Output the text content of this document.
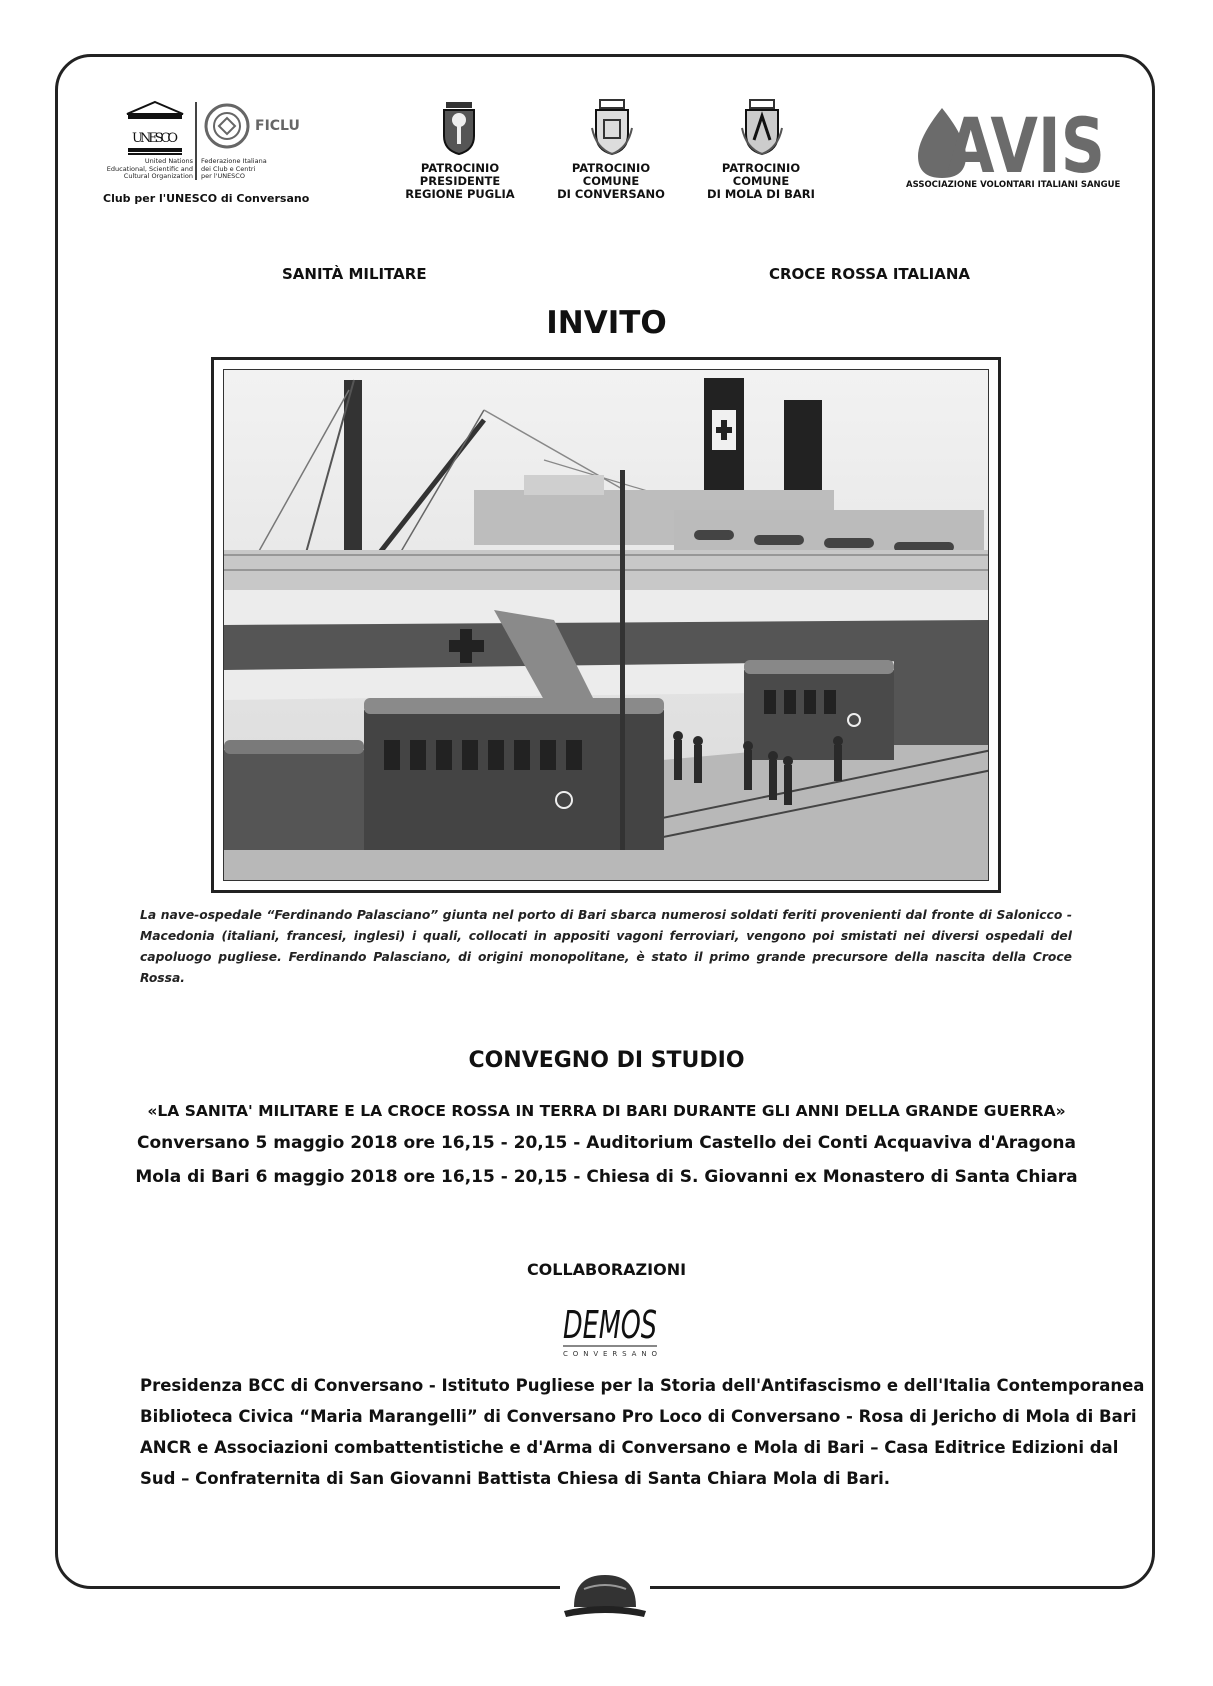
UNESCO
FICLU
United Nations
Educational, Scientific and
Cultural Organization
Federazione Italiana
dei Club e Centri
per l'UNESCO
Club per l'UNESCO di Conversano
PATROCINIO
PRESIDENTE
REGIONE PUGLIA
PATROCINIO
COMUNE
DI CONVERSANO
PATROCINIO
COMUNE
DI MOLA DI BARI
AVIS
ASSOCIAZIONE VOLONTARI ITALIANI SANGUE
SANITÀ MILITARE	CROCE ROSSA ITALIANA
INVITO
La nave-ospedale “Ferdinando Palasciano” giunta nel porto di Bari sbarca numerosi soldati feriti provenienti dal fronte di Salonicco - Macedonia (italiani, francesi, inglesi) i quali, collocati in appositi vagoni ferroviari, vengono poi smistati nei diversi ospedali del capoluogo pugliese. Ferdinando Palasciano, di origini monopolitane, è stato il primo grande precursore della nascita della Croce Rossa.
CONVEGNO DI STUDIO
«LA SANITA' MILITARE E LA CROCE ROSSA IN TERRA DI BARI DURANTE GLI ANNI DELLA GRANDE GUERRA»
Conversano 5 maggio 2018 ore 16,15 - 20,15 - Auditorium Castello dei Conti Acquaviva d'Aragona
Mola di Bari 6 maggio 2018 ore 16,15 - 20,15 - Chiesa di S. Giovanni ex Monastero di Santa Chiara
COLLABORAZIONI
DEMOS
CONVERSANO
Presidenza BCC di Conversano - Istituto Pugliese per la Storia dell'Antifascismo e dell'Italia Contemporanea
Biblioteca Civica “Maria Marangelli” di Conversano Pro Loco di Conversano - Rosa di Jericho di Mola di Bari
ANCR e Associazioni combattentistiche e d'Arma di Conversano e Mola di Bari – Casa Editrice Edizioni dal
Sud – Confraternita di San Giovanni Battista Chiesa di Santa Chiara Mola di Bari.
